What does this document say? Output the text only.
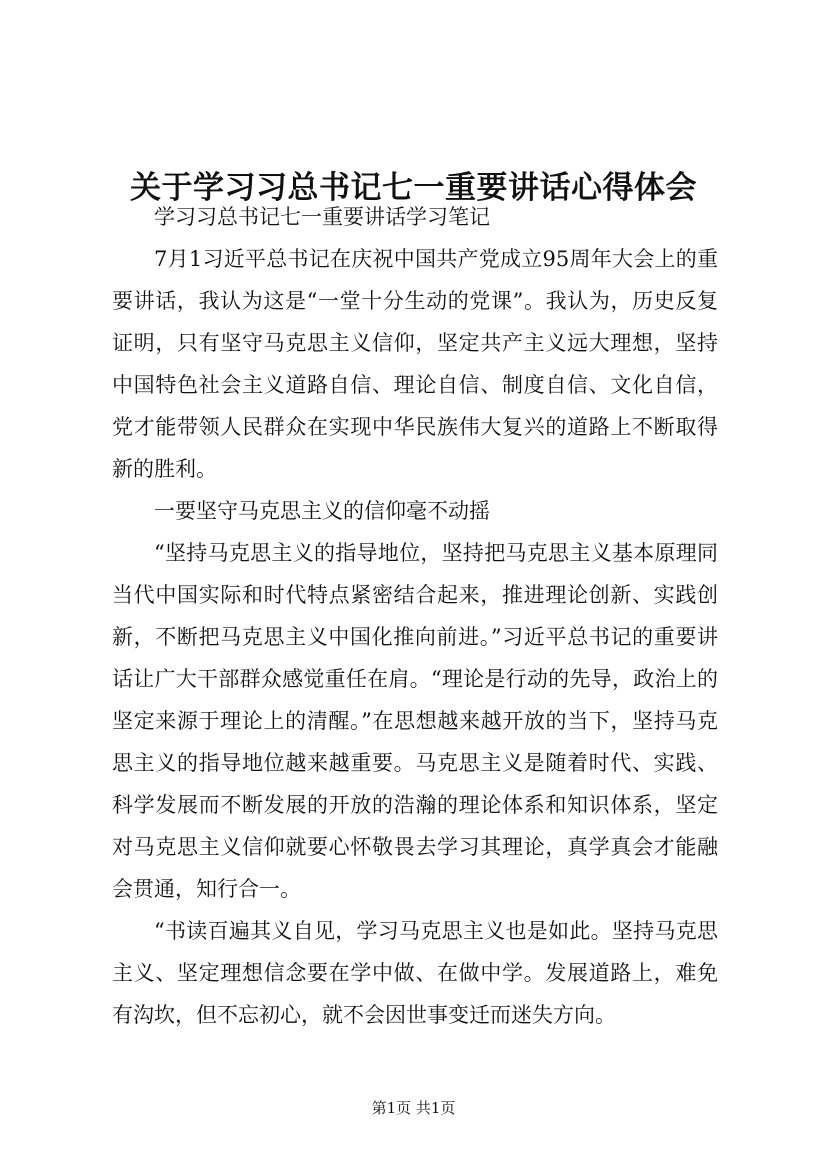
关于学习习总书记七一重要讲话心得体会

学习习总书记七一重要讲话学习笔记

7月1习近平总书记在庆祝中国共产党成立95周年大会上的重要讲话，我认为这是“一堂十分生动的党课”。我认为，历史反复证明，只有坚守马克思主义信仰，坚定共产主义远大理想，坚持中国特色社会主义道路自信、理论自信、制度自信、文化自信，党才能带领人民群众在实现中华民族伟大复兴的道路上不断取得新的胜利。

一要坚守马克思主义的信仰毫不动摇

“坚持马克思主义的指导地位，坚持把马克思主义基本原理同当代中国实际和时代特点紧密结合起来，推进理论创新、实践创新，不断把马克思主义中国化推向前进。”习近平总书记的重要讲话让广大干部群众感觉重任在肩。“理论是行动的先导，政治上的坚定来源于理论上的清醒。”在思想越来越开放的当下，坚持马克思主义的指导地位越来越重要。马克思主义是随着时代、实践、科学发展而不断发展的开放的浩瀚的理论体系和知识体系，坚定对马克思主义信仰就要心怀敬畏去学习其理论，真学真会才能融会贯通，知行合一。

“书读百遍其义自见，学习马克思主义也是如此。坚持马克思主义、坚定理想信念要在学中做、在做中学。发展道路上，难免有沟坎，但不忘初心，就不会因世事变迁而迷失方向。

第1页 共1页
